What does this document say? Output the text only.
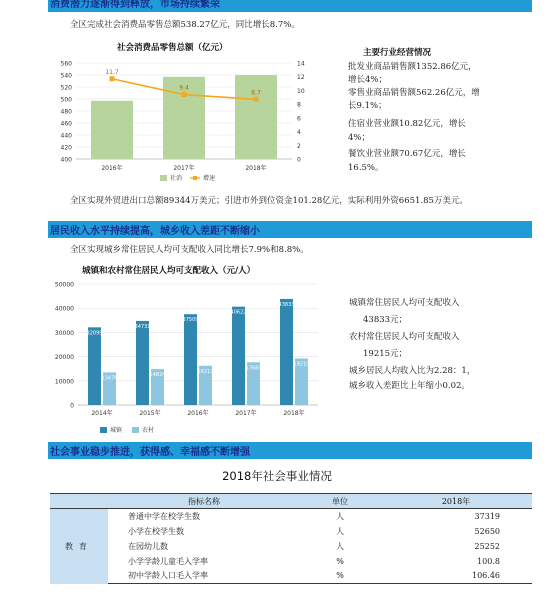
消费潜力逐渐得到释放，市场持续繁荣
全区完成社会消费品零售总额538.27亿元，同比增长8.7%。
社会消费品零售总额（亿元）
400
420
440
460
480
500
520
540
560
0
2
4
6
8
10
12
14
2016年	2017年	2018年
11.7
9.4
8.7
社消	增速
主要行业经营情况
批发业商品销售额1352.86亿元，
增长4%；
零售业商品销售额562.26亿元，增
长9.1%；
住宿业营业额10.82亿元，增长
4%；
餐饮业营业额70.67亿元，增长
16.5%。
全区实现外贸进出口总额89344万美元；引进市外到位资金101.28亿元，实际利用外资6651.85万美元。
居民收入水平持续提高，城乡收入差距不断缩小
全区实现城乡常住居民人均可支配收入同比增长7.9%和8.8%。
城镇和农村常住居民人均可支配收入（元/人）
0
10000
20000
30000
40000
50000
32099
13476
2014年
34731
14824
2015年
37509
16217
2016年
40622
17660
2017年
43833
19215
2018年
城镇	农村
城镇常住居民人均可支配收入
43833元；
农村常住居民人均可支配收入
19215元；
城乡居民人均收入比为2.28：1，
城乡收入差距比上年缩小0.02。
社会事业稳步推进，获得感、幸福感不断增强
2018年社会事业情况
	指标名称	单位	2018年
教育	普通中学在校学生数	人	37319
	小学在校学生数	人	52650
	在园幼儿数	人	25252
	小学学龄儿童毛入学率	%	100.8
	初中学龄人口毛入学率	%	106.46
